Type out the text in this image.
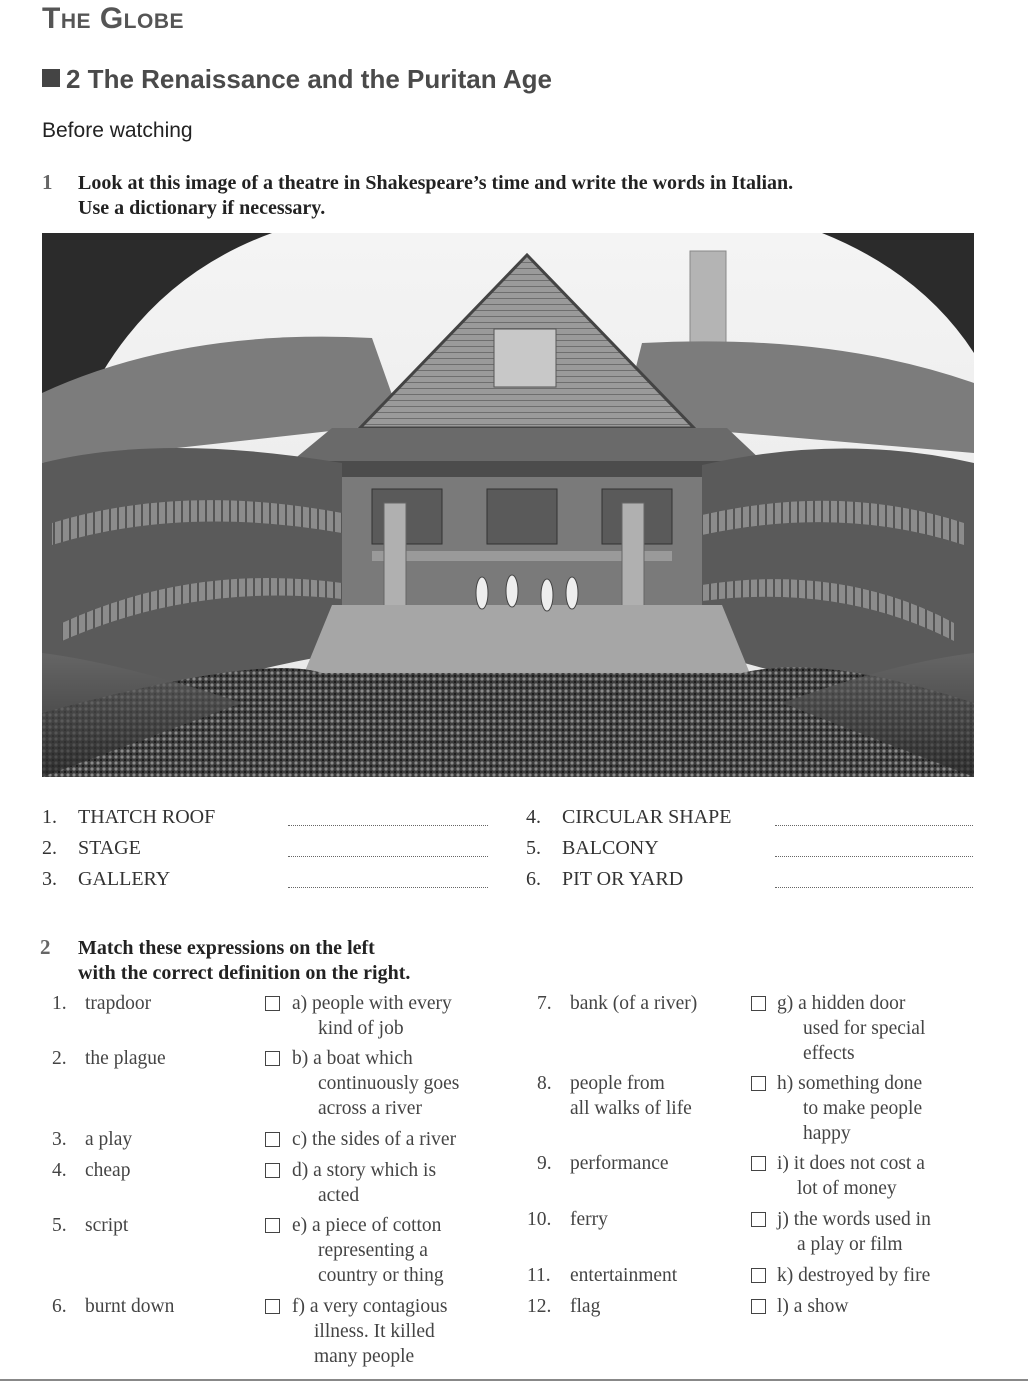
The Globe
2 The Renaissance and the Puritan Age
Before watching
1 Look at this image of a theatre in Shakespeare’s time and write the words in Italian.
Use a dictionary if necessary.
1. THATCH ROOF
2. STAGE
3. GALLERY
4. CIRCULAR SHAPE
5. BALCONY
6. PIT OR YARD
2 Match these expressions on the left
with the correct definition on the right.
1. trapdoor
2. the plague
3. a play
4. cheap
5. script
6. burnt down
a) people with every
kind of job
b) a boat which
continuously goes
across a river
c) the sides of a river
d) a story which is
acted
e) a piece of cotton
representing a
country or thing
f) a very contagious
illness. It killed
many people
7. bank (of a river)
8. people from
all walks of life
9. performance
10. ferry
11. entertainment
12. flag
g) a hidden door
used for special
effects
h) something done
to make people
happy
i) it does not cost a
lot of money
j) the words used in
a play or film
k) destroyed by fire
l) a show
